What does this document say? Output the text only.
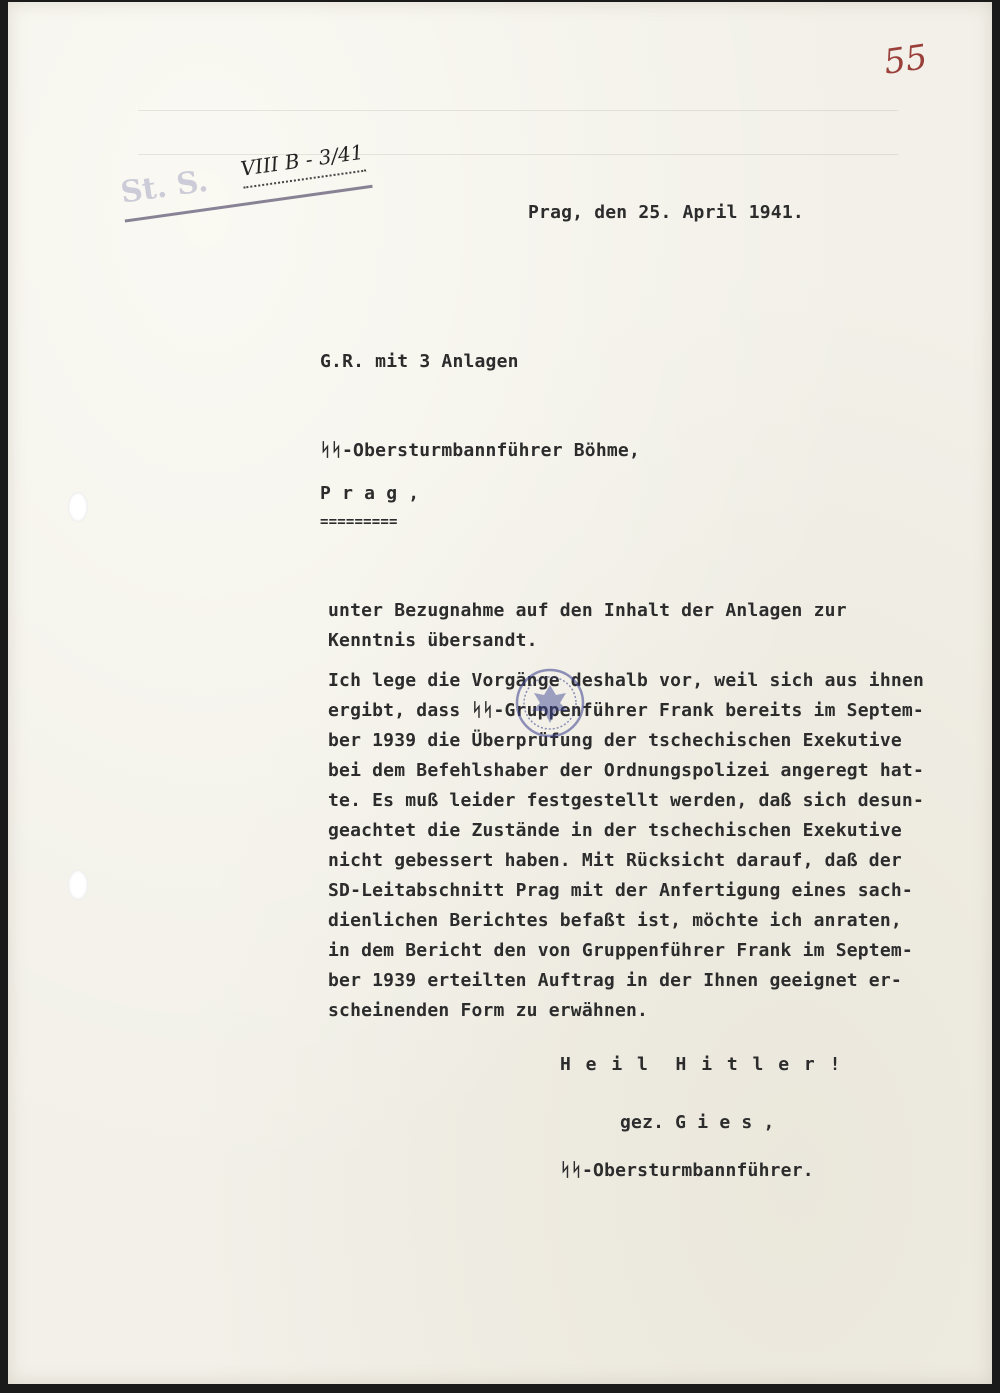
55
St. S.
VIII B - 3/41
Prag, den 25. April 1941.
G.R. mit 3 Anlagen
ᛋᛋ-Obersturmbannführer Böhme,
P r a g ,
=========
unter Bezugnahme auf den Inhalt der Anlagen zur
Kenntnis übersandt.
Ich lege die Vorgänge deshalb vor, weil sich aus ihnen
ergibt, dass ᛋᛋ-Gruppenführer Frank bereits im Septem-
ber 1939 die Überprüfung der tschechischen Exekutive
bei dem Befehlshaber der Ordnungspolizei angeregt hat-
te. Es muß leider festgestellt werden, daß sich desun-
geachtet die Zustände in der tschechischen Exekutive
nicht gebessert haben. Mit Rücksicht darauf, daß der
SD-Leitabschnitt Prag mit der Anfertigung eines sach-
dienlichen Berichtes befaßt ist, möchte ich anraten,
in dem Bericht den von Gruppenführer Frank im Septem-
ber 1939 erteilten Auftrag in der Ihnen geeignet er-
scheinenden Form zu erwähnen.
H e i l  H i t l e r !
gez. G i e s ,
ᛋᛋ-Obersturmbannführer.
